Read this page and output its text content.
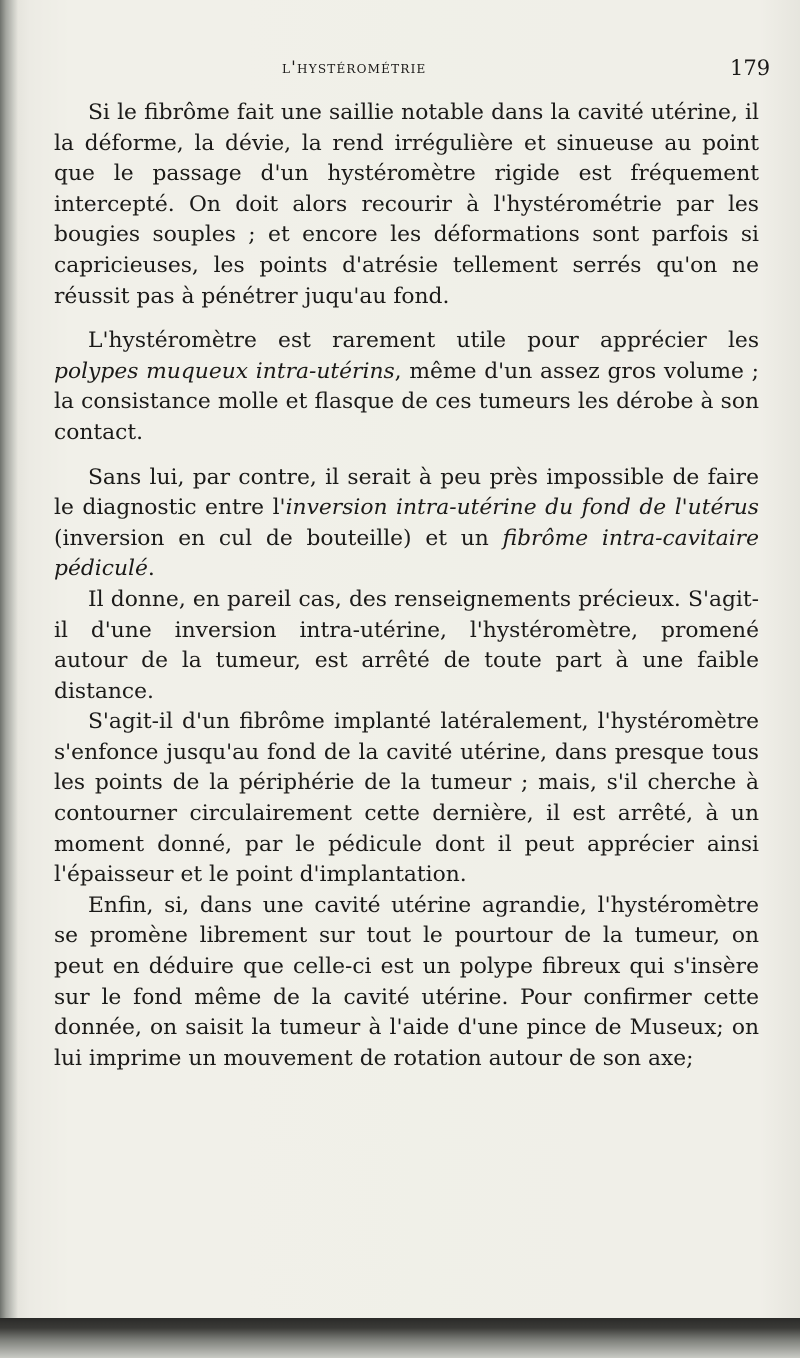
l'hystérométrie	179

Si le fibrôme fait une saillie notable dans la cavité utérine, il la déforme, la dévie, la rend irrégulière et sinueuse au point que le passage d'un hystéromètre rigide est fréquement intercepté. On doit alors recourir à l'hystérométrie par les bougies souples ; et encore les déformations sont parfois si capricieuses, les points d'atrésie tellement serrés qu'on ne réussit pas à pénétrer juqu'au fond.

L'hystéromètre est rarement utile pour apprécier les polypes muqueux intra-utérins, même d'un assez gros volume ; la consistance molle et flasque de ces tumeurs les dérobe à son contact.

Sans lui, par contre, il serait à peu près impossible de faire le diagnostic entre l'inversion intra-utérine du fond de l'utérus (inversion en cul de bouteille) et un fibrôme intra-cavitaire pédiculé.

Il donne, en pareil cas, des renseignements précieux. S'agit-il d'une inversion intra-utérine, l'hystéromètre, promené autour de la tumeur, est arrêté de toute part à une faible distance.

S'agit-il d'un fibrôme implanté latéralement, l'hystéromètre s'enfonce jusqu'au fond de la cavité utérine, dans presque tous les points de la périphérie de la tumeur ; mais, s'il cherche à contourner circulairement cette dernière, il est arrêté, à un moment donné, par le pédicule dont il peut apprécier ainsi l'épaisseur et le point d'implantation.

Enfin, si, dans une cavité utérine agrandie, l'hystéromètre se promène librement sur tout le pourtour de la tumeur, on peut en déduire que celle-ci est un polype fibreux qui s'insère sur le fond même de la cavité utérine. Pour confirmer cette donnée, on saisit la tumeur à l'aide d'une pince de Museux; on lui imprime un mouvement de rotation autour de son axe;
